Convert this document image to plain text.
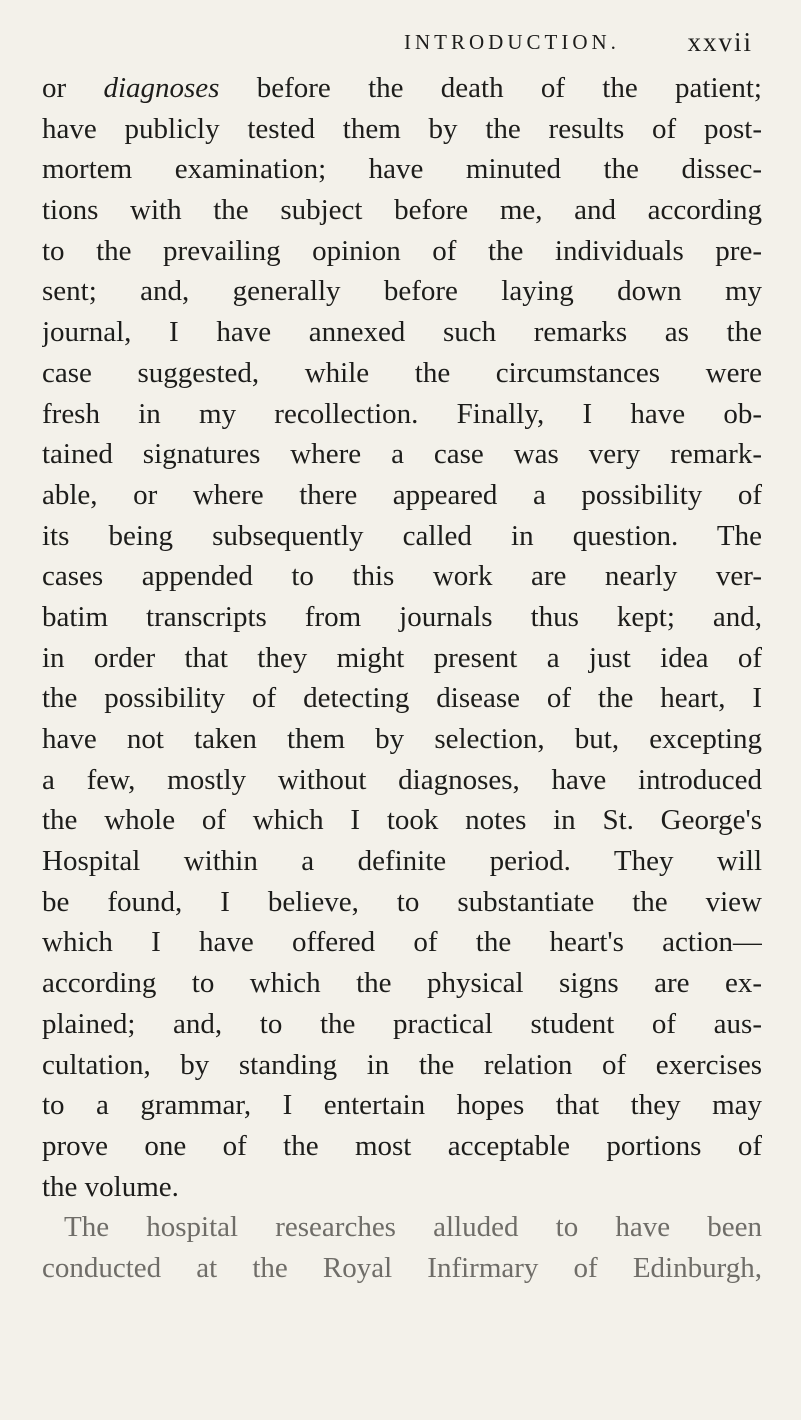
INTRODUCTION.	xxvii
or diagnoses before the death of the patient;
have publicly tested them by the results of post-
mortem examination; have minuted the dissec-
tions with the subject before me, and according
to the prevailing opinion of the individuals pre-
sent; and, generally before laying down my
journal, I have annexed such remarks as the
case suggested, while the circumstances were
fresh in my recollection. Finally, I have ob-
tained signatures where a case was very remark-
able, or where there appeared a possibility of
its being subsequently called in question. The
cases appended to this work are nearly ver-
batim transcripts from journals thus kept; and,
in order that they might present a just idea of
the possibility of detecting disease of the heart, I
have not taken them by selection, but, excepting
a few, mostly without diagnoses, have introduced
the whole of which I took notes in St. George's
Hospital within a definite period. They will
be found, I believe, to substantiate the view
which I have offered of the heart's action—
according to which the physical signs are ex-
plained; and, to the practical student of aus-
cultation, by standing in the relation of exercises
to a grammar, I entertain hopes that they may
prove one of the most acceptable portions of
the volume.
The hospital researches alluded to have been
conducted at the Royal Infirmary of Edinburgh,
